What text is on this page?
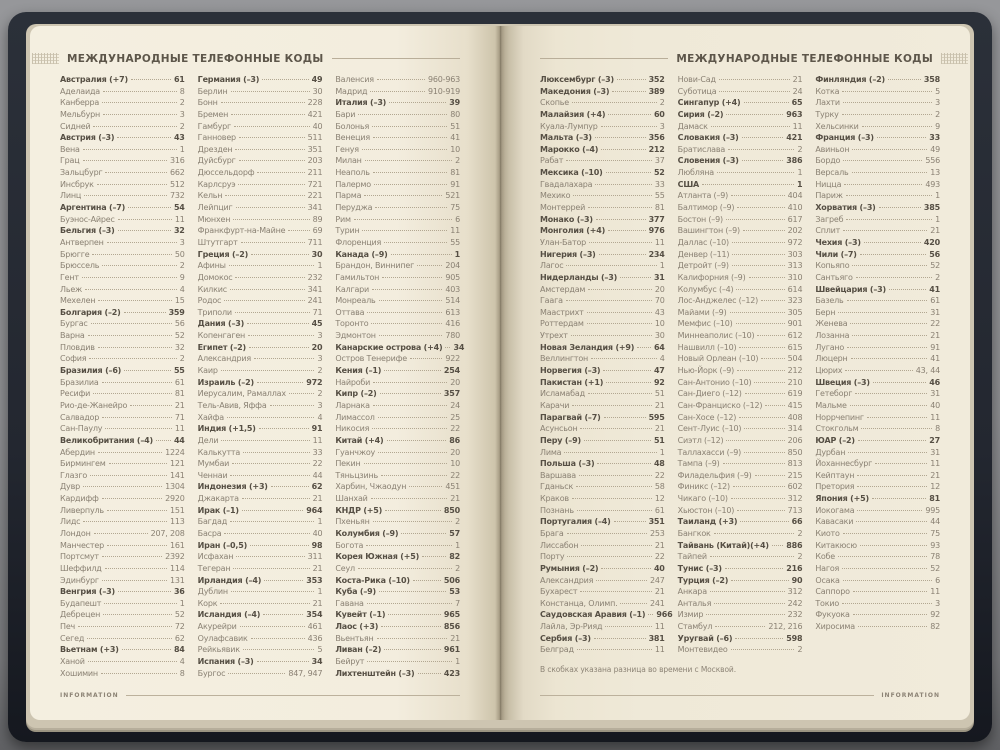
МЕЖДУНАРОДНЫЕ ТЕЛЕФОННЫЕ КОДЫ
Австралия (+7)	61
Аделаида	8
Канберра	2
Мельбурн	3
Сидней	2
Австрия (–3)	43
Вена	1
Грац	316
Зальцбург	662
Инсбрук	512
Линц	732
Аргентина (–7)	54
Буэнос-Айрес	11
Бельгия (–3)	32
Антверпен	3
Брюгге	50
Брюссель	2
Гент	9
Льеж	4
Мехелен	15
Болгария (–2)	359
Бургас	56
Варна	52
Пловдив	32
София	2
Бразилия (–6)	55
Бразилиа	61
Ресифи	81
Рио-де-Жанейро	21
Салвадор	71
Сан-Паулу	11
Великобритания (–4)	44
Абердин	1224
Бирмингем	121
Глазго	141
Дувр	1304
Кардифф	2920
Ливерпуль	151
Лидс	113
Лондон	207, 208
Манчестер	161
Портсмут	2392
Шеффилд	114
Эдинбург	131
Венгрия (–3)	36
Будапешт	1
Дебрецен	52
Печ	72
Сегед	62
Вьетнам (+3)	84
Ханой	4
Хошимин	8
Германия (–3)	49
Берлин	30
Бонн	228
Бремен	421
Гамбург	40
Ганновер	511
Дрезден	351
Дуйсбург	203
Дюссельдорф	211
Карлсруэ	721
Кельн	221
Лейпциг	341
Мюнхен	89
Франкфурт-на-Майне	69
Штутгарт	711
Греция (–2)	30
Афины	1
Домокос	232
Килкис	341
Родос	241
Триполи	71
Дания (–3)	45
Копенгаген	3
Египет (–2)	20
Александрия	3
Каир	2
Израиль (–2)	972
Иерусалим, Рамаллах	2
Тель-Авив, Яффа	3
Хайфа	4
Индия (+1,5)	91
Дели	11
Калькутта	33
Мумбаи	22
Ченнаи	44
Индонезия (+3)	62
Джакарта	21
Ирак (–1)	964
Багдад	1
Басра	40
Иран (–0,5)	98
Исфахан	311
Тегеран	21
Ирландия (–4)	353
Дублин	1
Корк	21
Исландия (–4)	354
Акурейри	461
Оулафсавик	436
Рейкьявик	5
Испания (–3)	34
Бургос	847, 947
Валенсия	960-963
Мадрид	910-919
Италия (–3)	39
Бари	80
Болонья	51
Венеция	41
Генуя	10
Милан	2
Неаполь	81
Палермо	91
Парма	521
Перуджа	75
Рим	6
Турин	11
Флоренция	55
Канада (–9)	1
Брандон, Виннипег	204
Гамильтон	905
Калгари	403
Монреаль	514
Оттава	613
Торонто	416
Эдмонтон	780
Канарские острова (+4) 34
Остров Тенерифе	922
Кения (–1)	254
Найроби	20
Кипр (–2)	357
Ларнака	24
Лимассол	25
Никосия	22
Китай (+4)	86
Гуанчжоу	20
Пекин	10
Тяньцзинь	22
Харбин, Чжаодун	451
Шанхай	21
КНДР (+5)	850
Пхеньян	2
Колумбия (–9)	57
Богота	1
Корея Южная (+5)	82
Сеул	2
Коста-Рика (–10)	506
Куба (–9)	53
Гавана	7
Кувейт (–1)	965
Лаос (+3)	856
Вьентьян	21
Ливан (–2)	961
Бейрут	1
Лихтенштейн (–3)	423
INFORMATION
МЕЖДУНАРОДНЫЕ ТЕЛЕФОННЫЕ КОДЫ
Люксембург (–3)	352
Македония (–3)	389
Скопье	2
Малайзия (+4)	60
Куала-Лумпур	3
Мальта (–3)	356
Марокко (–4)	212
Рабат	37
Мексика (–10)	52
Гвадалахара	33
Мехико	55
Монтеррей	81
Монако (–3)	377
Монголия (+4)	976
Улан-Батор	11
Нигерия (–3)	234
Лагос	1
Нидерланды (–3)	31
Амстердам	20
Гаага	70
Маастрихт	43
Роттердам	10
Утрехт	30
Новая Зеландия (+9) 64
Веллингтон	4
Норвегия (–3)	47
Пакистан (+1)	92
Исламабад	51
Карачи	21
Парагвай (–7)	595
Асунсьон	21
Перу (–9)	51
Лима	1
Польша (–3)	48
Варшава	22
Гданьск	58
Краков	12
Познань	61
Португалия (–4)	351
Брага	253
Лиссабон	21
Порту	22
Румыния (–2)	40
Александрия	247
Бухарест	21
Констанца, Олимп.	241
Саудовская Аравия (–1) 966
Лайла, Эр-Рияд	11
Сербия (–3)	381
Белград	11
Нови-Сад	21
Суботица	24
Сингапур (+4)	65
Сирия (–2)	963
Дамаск	11
Словакия (–3)	421
Братислава	2
Словения (–3)	386
Любляна	1
США	1
Атланта (–9)	404
Балтимор (–9)	410
Бостон (–9)	617
Вашингтон (–9)	202
Даллас (–10)	972
Денвер (–11)	303
Детройт (–9)	313
Калифорния (–9)	310
Колумбус (–4)	614
Лос-Анджелес (–12)	323
Майами (–9)	305
Мемфис (–10)	901
Миннеаполис (–10)	612
Нашвилл (–10)	615
Новый Орлеан (–10)	504
Нью-Йорк (–9)	212
Сан-Антонио (–10)	210
Сан-Диего (–12)	619
Сан-Франциско (–12)	415
Сан-Хосе (–12)	408
Сент-Луис (–10)	314
Сиэтл (–12)	206
Таллахасси (–9)	850
Тампа (–9)	813
Филадельфия (–9)	215
Финикс (–12)	602
Чикаго (–10)	312
Хьюстон (–10)	713
Таиланд (+3)	66
Бангкок	2
Тайвань (Китай)(+4) 886
Тайпей	2
Тунис (–3)	216
Турция (–2)	90
Анкара	312
Анталья	242
Измир	232
Стамбул	212, 216
Уругвай (–6)	598
Монтевидео	2
Финляндия (–2)	358
Котка	5
Лахти	3
Турку	2
Хельсинки	9
Франция (–3)	33
Авиньон	49
Бордо	556
Версаль	13
Ницца	493
Париж	1
Хорватия (–3)	385
Загреб	1
Сплит	21
Чехия (–3)	420
Чили (–7)	56
Копьяпо	52
Сантьяго	2
Швейцария (–3)	41
Базель	61
Берн	31
Женева	22
Лозанна	21
Лугано	91
Люцерн	41
Цюрих	43, 44
Швеция (–3)	46
Гетеборг	31
Мальме	40
Норрчепинг	11
Стокгольм	8
ЮАР (–2)	27
Дурбан	31
Йоханнесбург	11
Кейптаун	21
Претория	12
Япония (+5)	81
Иокогама	995
Кавасаки	44
Киото	75
Китакюсю	93
Кобе	78
Нагоя	52
Осака	6
Саппоро	11
Токио	3
Фукуока	92
Хиросима	82
В скобках указана разница во времени с Москвой.
INFORMATION
